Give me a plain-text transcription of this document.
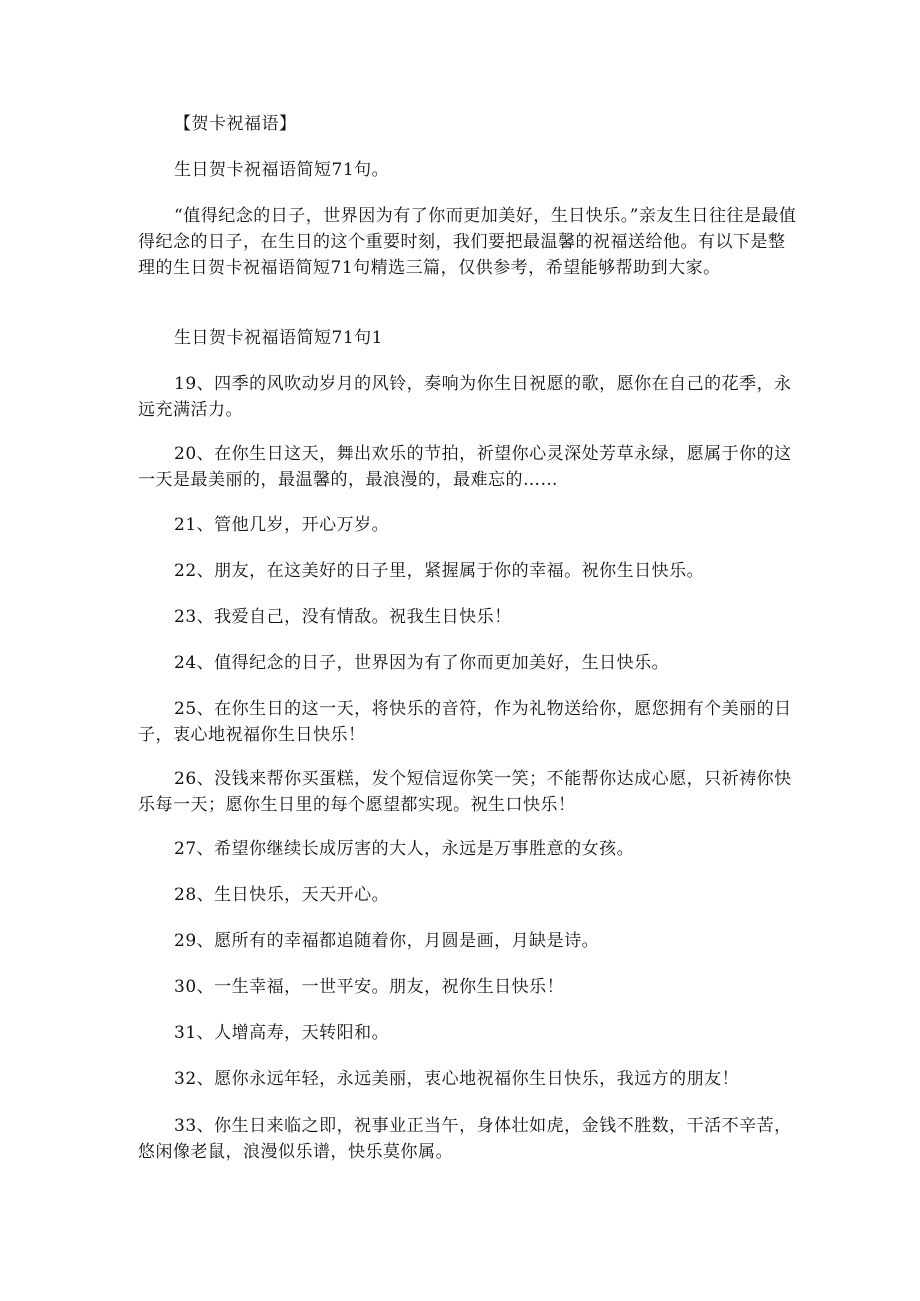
【贺卡祝福语】

生日贺卡祝福语简短71句。

“值得纪念的日子，世界因为有了你而更加美好，生日快乐。”亲友生日往往是最值得纪念的日子，在生日的这个重要时刻，我们要把最温馨的祝福送给他。有以下是整理的生日贺卡祝福语简短71句精选三篇，仅供参考，希望能够帮助到大家。

生日贺卡祝福语简短71句1

19、四季的风吹动岁月的风铃，奏响为你生日祝愿的歌，愿你在自己的花季，永远充满活力。

20、在你生日这天，舞出欢乐的节拍，祈望你心灵深处芳草永绿，愿属于你的这一天是最美丽的，最温馨的，最浪漫的，最难忘的……

21、管他几岁，开心万岁。

22、朋友，在这美好的日子里，紧握属于你的幸福。祝你生日快乐。

23、我爱自己，没有情敌。祝我生日快乐！

24、值得纪念的日子，世界因为有了你而更加美好，生日快乐。

25、在你生日的这一天，将快乐的音符，作为礼物送给你，愿您拥有个美丽的日子，衷心地祝福你生日快乐！

26、没钱来帮你买蛋糕，发个短信逗你笑一笑；不能帮你达成心愿，只祈祷你快乐每一天；愿你生日里的每个愿望都实现。祝生口快乐！

27、希望你继续长成厉害的大人，永远是万事胜意的女孩。

28、生日快乐，天天开心。

29、愿所有的幸福都追随着你，月圆是画，月缺是诗。

30、一生幸福，一世平安。朋友，祝你生日快乐！

31、人增高寿，天转阳和。

32、愿你永远年轻，永远美丽，衷心地祝福你生日快乐，我远方的朋友！

33、你生日来临之即，祝事业正当午，身体壮如虎，金钱不胜数，干活不辛苦，悠闲像老鼠，浪漫似乐谱，快乐莫你属。
